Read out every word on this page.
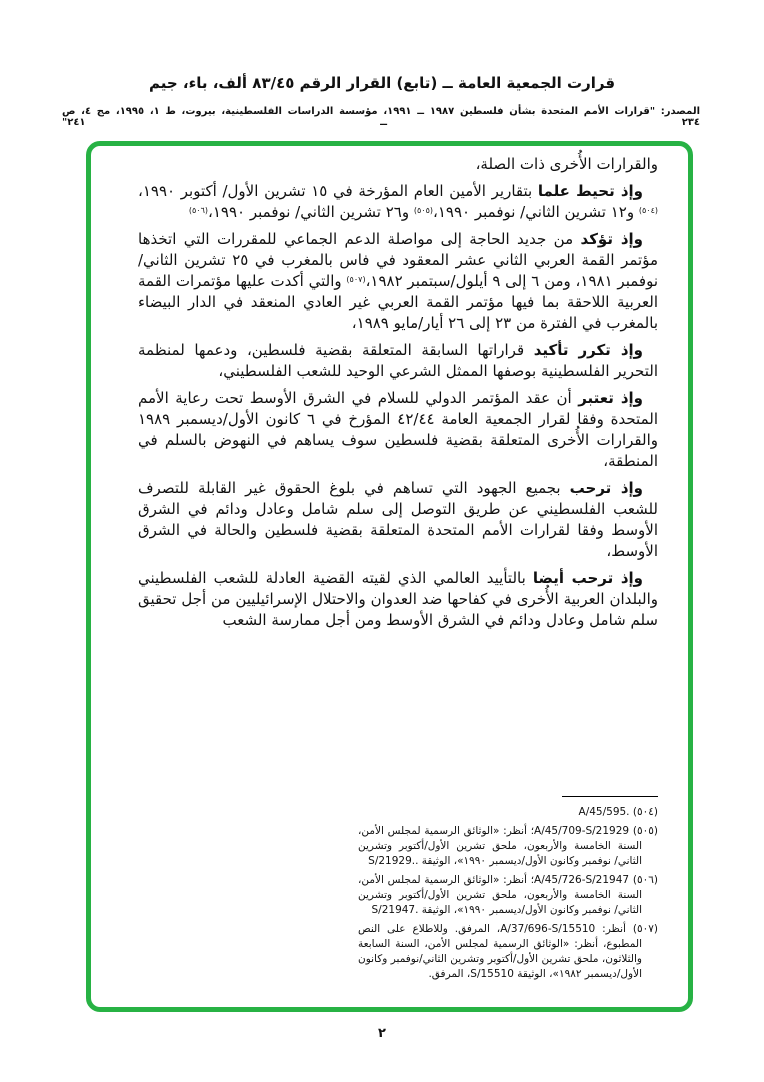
قرارت الجمعية العامة ــ (تابع) القرار الرقم ٨٣/٤٥ ألف، باء، جيم
المصدر: "قرارات الأمم المتحدة بشأن فلسطين ١٩٨٧ ــ ١٩٩١، مؤسسة الدراسات الفلسطينية، بيروت، ط ١، ١٩٩٥، مج ٤، ص ٢٣٤ ــ ٢٤١"

والقرارات الأُخرى ذات الصلة،

وإذ تحيط علما بتقارير الأمين العام المؤرخة في ١٥ تشرين الأول/ أكتوبر ١٩٩٠،$^{(٥٠٤)}$ و١٢ تشرين الثاني/ نوفمبر ١٩٩٠،$^{(٥٠٥)}$ و٢٦ تشرين الثاني/ نوفمبر ١٩٩٠،$^{(٥٠٦)}$

وإذ تؤكد من جديد الحاجة إلى مواصلة الدعم الجماعي للمقررات التي اتخذها مؤتمر القمة العربي الثاني عشر المعقود في فاس بالمغرب في ٢٥ تشرين الثاني/نوفمبر ١٩٨١، ومن ٦ إلى ٩ أيلول/سبتمبر ١٩٨٢،$^{(٥٠٧)}$ والتي أكدت عليها مؤتمرات القمة العربية اللاحقة بما فيها مؤتمر القمة العربي غير العادي المنعقد في الدار البيضاء بالمغرب في الفترة من ٢٣ إلى ٢٦ أيار/مايو ١٩٨٩،

وإذ تكرر تأكيد قراراتها السابقة المتعلقة بقضية فلسطين، ودعمها لمنظمة التحرير الفلسطينية بوصفها الممثل الشرعي الوحيد للشعب الفلسطيني،

وإذ تعتبر أن عقد المؤتمر الدولي للسلام في الشرق الأوسط تحت رعاية الأمم المتحدة وفقا لقرار الجمعية العامة ٤٢/٤٤ المؤرخ في ٦ كانون الأول/ديسمبر ١٩٨٩ والقرارات الأُخرى المتعلقة بقضية فلسطين سوف يساهم في النهوض بالسلم في المنطقة،

وإذ ترحب بجميع الجهود التي تساهم في بلوغ الحقوق غير القابلة للتصرف للشعب الفلسطيني عن طريق التوصل إلى سلم شامل وعادل ودائم في الشرق الأوسط وفقا لقرارات الأمم المتحدة المتعلقة بقضية فلسطين والحالة في الشرق الأوسط،

وإذ ترحب أيضا بالتأييد العالمي الذي لقيته القضية العادلة للشعب الفلسطيني والبلدان العربية الأُخرى في كفاحها ضد العدوان والاحتلال الإسرائيليين من أجل تحقيق سلم شامل وعادل ودائم في الشرق الأوسط ومن أجل ممارسة الشعب

(٥٠٤) A/45/595.
(٥٠٥) A/45/709-S/21929؛ أنظر: «الوثائق الرسمية لمجلس الأمن، السنة الخامسة والأربعون، ملحق تشرين الأول/أكتوبر وتشرين الثاني/ نوفمبر وكانون الأول/ديسمبر ١٩٩٠»، الوثيقة S/21929..
(٥٠٦) A/45/726-S/21947؛ أنظر: «الوثائق الرسمية لمجلس الأمن، السنة الخامسة والأربعون، ملحق تشرين الأول/أكتوبر وتشرين الثاني/ نوفمبر وكانون الأول/ديسمبر ١٩٩٠»، الوثيقة S/21947.
(٥٠٧) أنظر: A/37/696-S/15510، المرفق. وللاطلاع على النص المطبوع، أنظر: «الوثائق الرسمية لمجلس الأمن، السنة السابعة والثلاثون، ملحق تشرين الأول/أكتوبر وتشرين الثاني/نوفمبر وكانون الأول/ديسمبر ١٩٨٢»، الوثيقة S/15510، المرفق.
٢
